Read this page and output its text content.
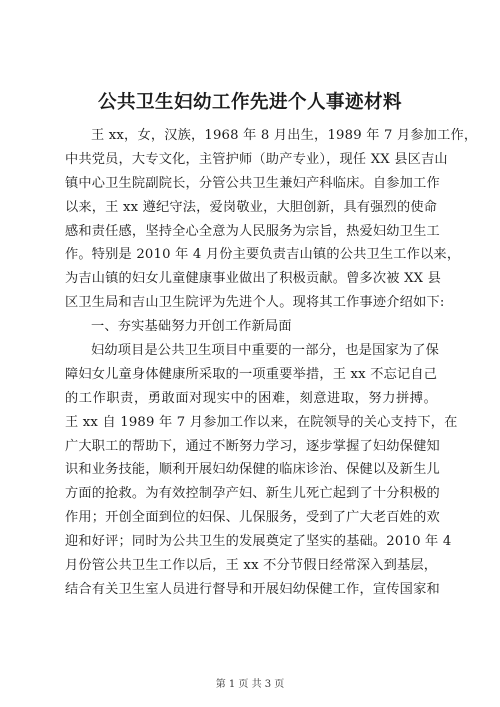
公共卫生妇幼工作先进个人事迹材料
王 xx，女，汉族，1968 年 8 月出生，1989 年 7 月参加工作，
中共党员，大专文化，主管护师（助产专业），现任 XX 县区吉山
镇中心卫生院副院长，分管公共卫生兼妇产科临床。自参加工作
以来，王 xx 遵纪守法，爱岗敬业，大胆创新，具有强烈的使命
感和责任感，坚持全心全意为人民服务为宗旨，热爱妇幼卫生工
作。特别是 2010 年 4 月份主要负责吉山镇的公共卫生工作以来，
为吉山镇的妇女儿童健康事业做出了积极贡献。曾多次被 XX 县
区卫生局和吉山卫生院评为先进个人。现将其工作事迹介绍如下:
一、夯实基础努力开创工作新局面
妇幼项目是公共卫生项目中重要的一部分，也是国家为了保
障妇女儿童身体健康所采取的一项重要举措，王 xx 不忘记自己
的工作职责，勇敢面对现实中的困难，刻意进取，努力拼搏。
王 xx 自 1989 年 7 月参加工作以来，在院领导的关心支持下，在
广大职工的帮助下，通过不断努力学习，逐步掌握了妇幼保健知
识和业务技能，顺利开展妇幼保健的临床诊治、保健以及新生儿
方面的抢救。为有效控制孕产妇、新生儿死亡起到了十分积极的
作用；开创全面到位的妇保、儿保服务，受到了广大老百姓的欢
迎和好评；同时为公共卫生的发展奠定了坚实的基础。2010 年 4
月份管公共卫生工作以后，王 xx 不分节假日经常深入到基层，
结合有关卫生室人员进行督导和开展妇幼保健工作，宣传国家和
第 1 页 共 3 页
